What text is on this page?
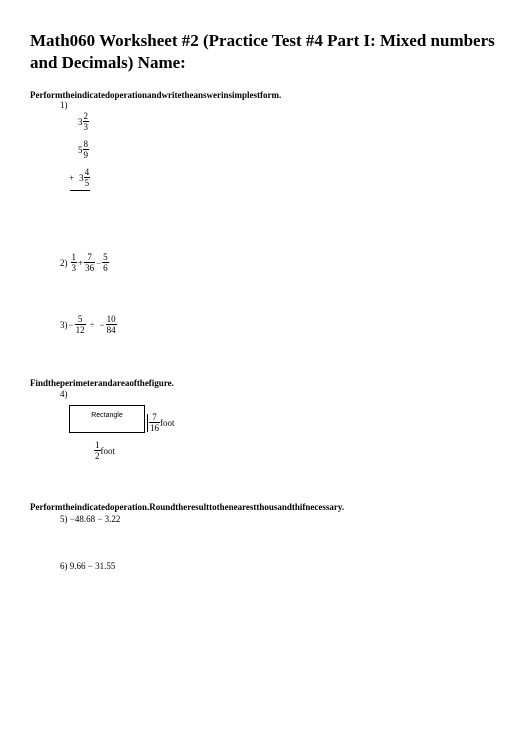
Math060 Worksheet #2 (Practice Test #4 Part I: Mixed numbers and Decimals) Name:
Performtheindicatedoperationandwritetheanswerinsimplestform.
1)
$3 \frac{2}{3}$
$5 \frac{8}{9}$
+ $3 \frac{4}{5}$
$2) \frac{1}{3} + \frac{7}{36} - \frac{5}{6}$
$3) - \frac{5}{12}$ ÷ − $\frac{10}{84}$
Findtheperimeterandareaofthefigure.
4)
Rectangle	$\frac{7}{16}$ foot
$\frac{1}{2}$ foot
Performtheindicatedoperation.Roundtheresulttothenearestthousandthifnecessary.
5) −48.68 − 3.22
6) 9.66 − 31.55
